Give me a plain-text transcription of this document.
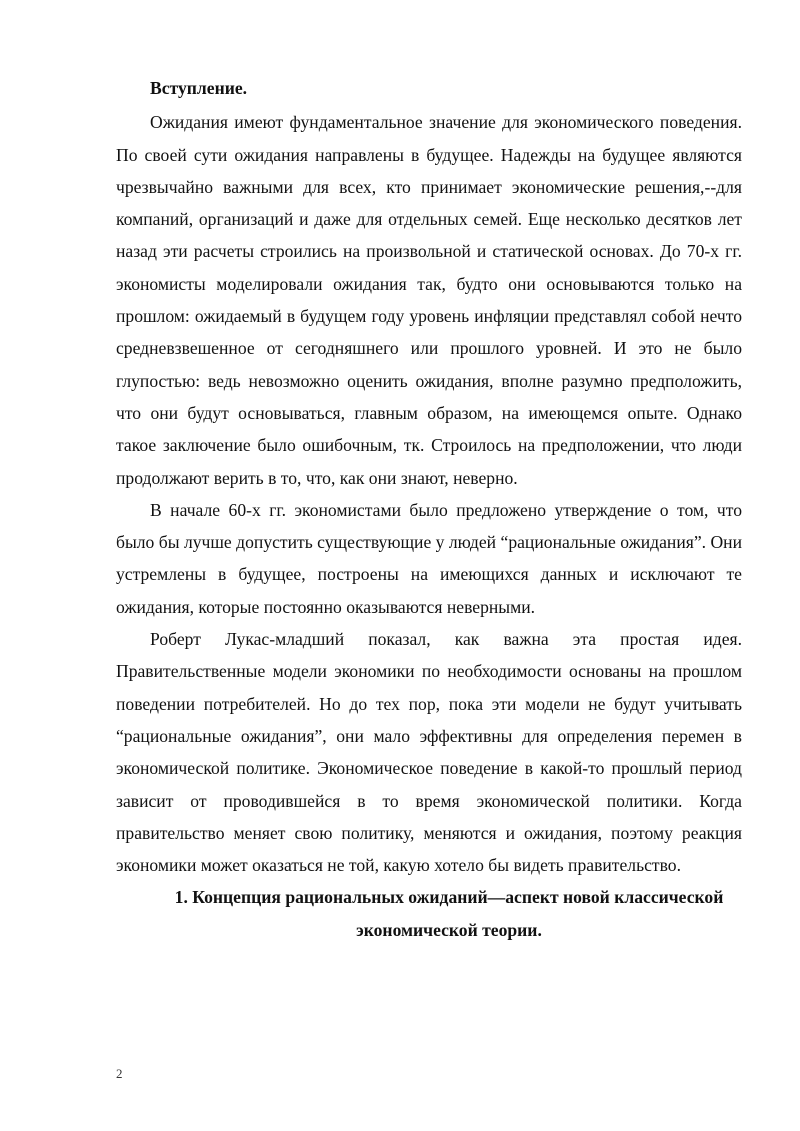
Вступление.

Ожидания имеют фундаментальное значение для экономического поведения. По своей сути ожидания направлены в будущее. Надежды на будущее являются чрезвычайно важными для всех, кто принимает экономические решения,--для компаний, организаций и даже для отдельных семей. Еще несколько десятков лет назад эти расчеты строились на произвольной и статической основах. До 70-х гг. экономисты моделировали ожидания так, будто они основываются только на прошлом: ожидаемый в будущем году уровень инфляции представлял собой нечто средневзвешенное от сегодняшнего или прошлого уровней. И это не было глупостью: ведь невозможно оценить ожидания, вполне разумно предположить, что они будут основываться, главным образом, на имеющемся опыте. Однако такое заключение было ошибочным, тк. Строилось на предположении, что люди продолжают верить в то, что, как они знают, неверно.

В начале 60-х гг. экономистами было предложено утверждение о том, что было бы лучше допустить существующие у людей “рациональные ожидания”. Они устремлены в будущее, построены на имеющихся данных и исключают те ожидания, которые постоянно оказываются неверными.

Роберт Лукас-младший показал, как важна эта простая идея. Правительственные модели экономики по необходимости основаны на прошлом поведении потребителей. Но до тех пор, пока эти модели не будут учитывать “рациональные ожидания”, они мало эффективны для определения перемен в экономической политике. Экономическое поведение в какой-то прошлый период зависит от проводившейся в то время экономической политики. Когда правительство меняет свою политику, меняются и ожидания, поэтому реакция экономики может оказаться не той, какую хотело бы видеть правительство.

1. Концепция рациональных ожиданий—аспект новой классической экономической теории.

2
